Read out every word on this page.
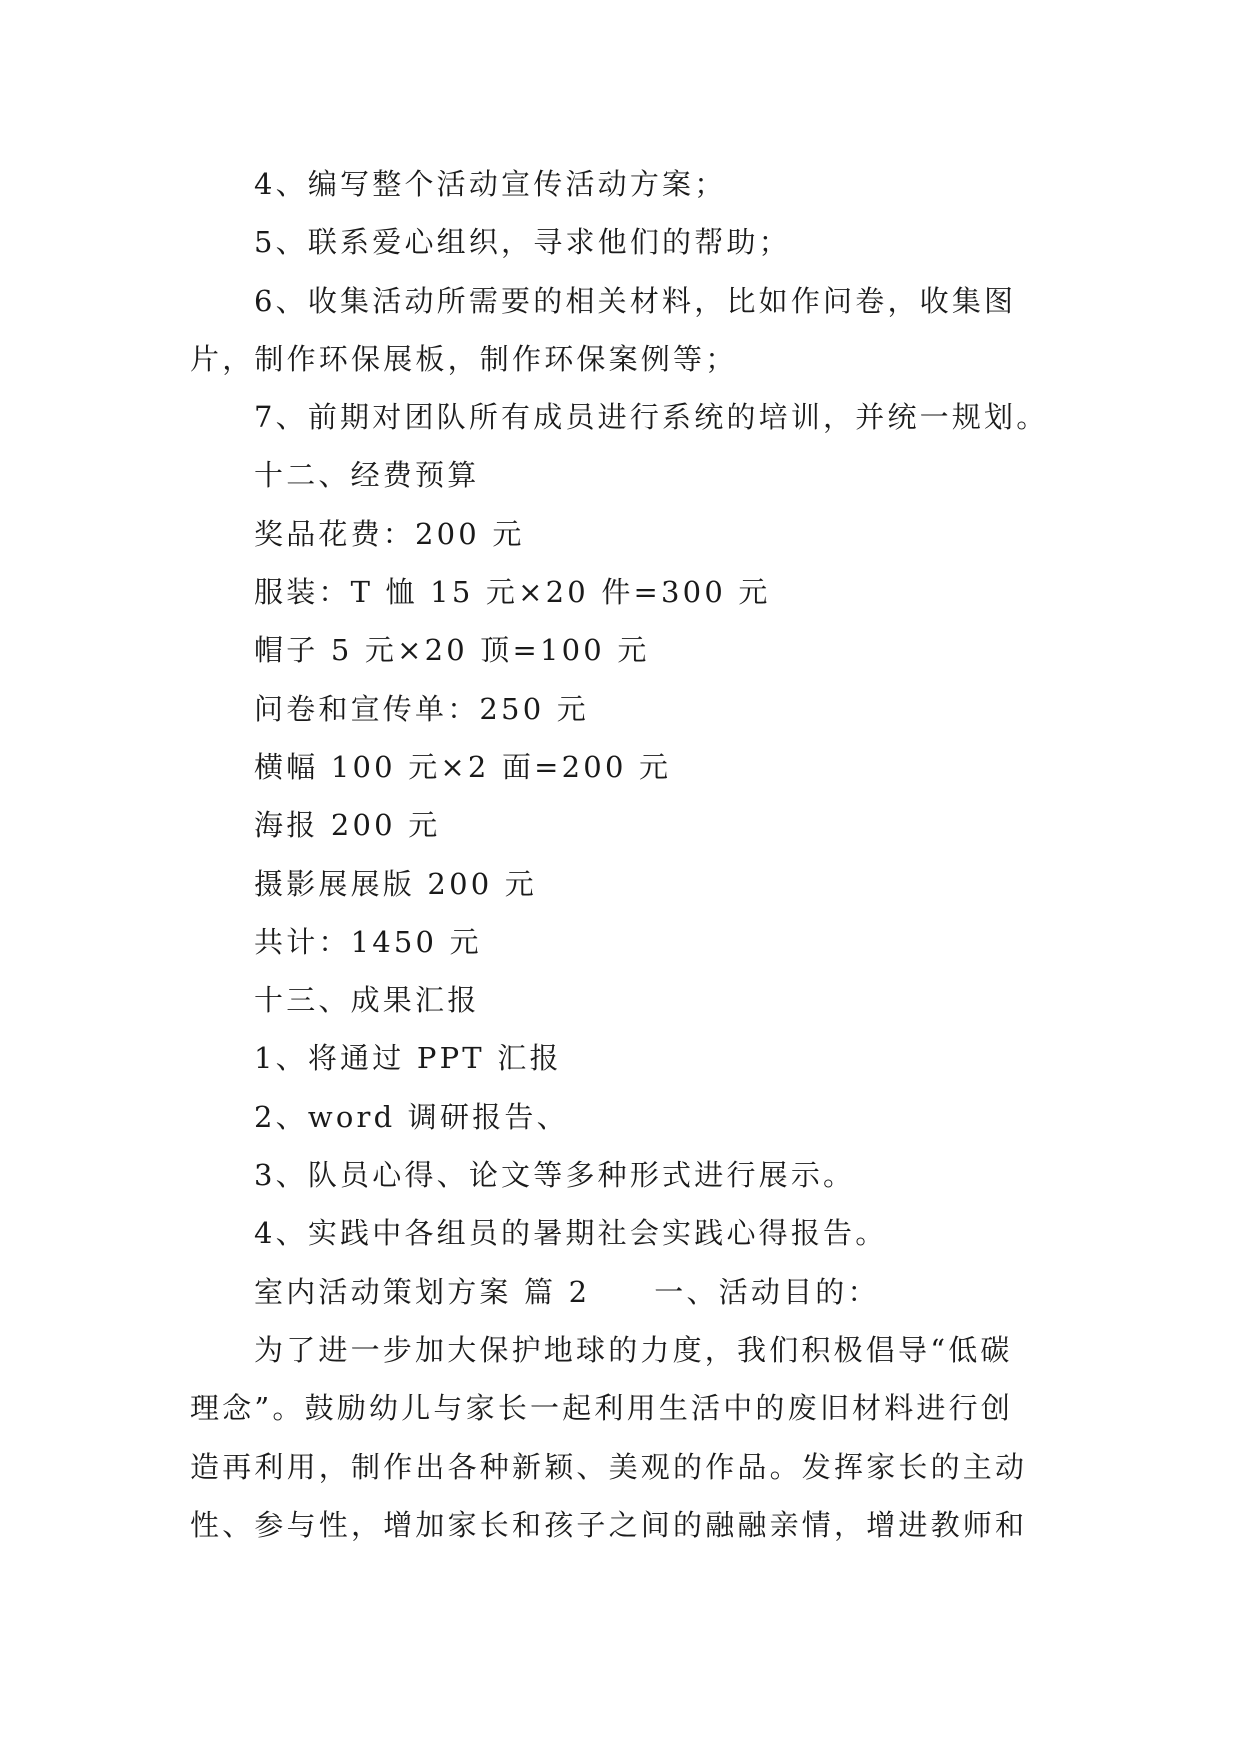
4、编写整个活动宣传活动方案；
5、联系爱心组织，寻求他们的帮助；
6、收集活动所需要的相关材料，比如作问卷，收集图
片，制作环保展板，制作环保案例等；
7、前期对团队所有成员进行系统的培训，并统一规划。
十二、经费预算
奖品花费：200 元
服装：T 恤 15 元×20 件=300 元
帽子 5 元×20 顶=100 元
问卷和宣传单：250 元
横幅 100 元×2 面=200 元
海报 200 元
摄影展展版 200 元
共计：1450 元
十三、成果汇报
1、将通过 PPT 汇报
2、word 调研报告、
3、队员心得、论文等多种形式进行展示。
4、实践中各组员的暑期社会实践心得报告。
室内活动策划方案 篇 2 一、活动目的：
为了进一步加大保护地球的力度，我们积极倡导“低碳
理念”。鼓励幼儿与家长一起利用生活中的废旧材料进行创
造再利用，制作出各种新颖、美观的作品。发挥家长的主动
性、参与性，增加家长和孩子之间的融融亲情，增进教师和
